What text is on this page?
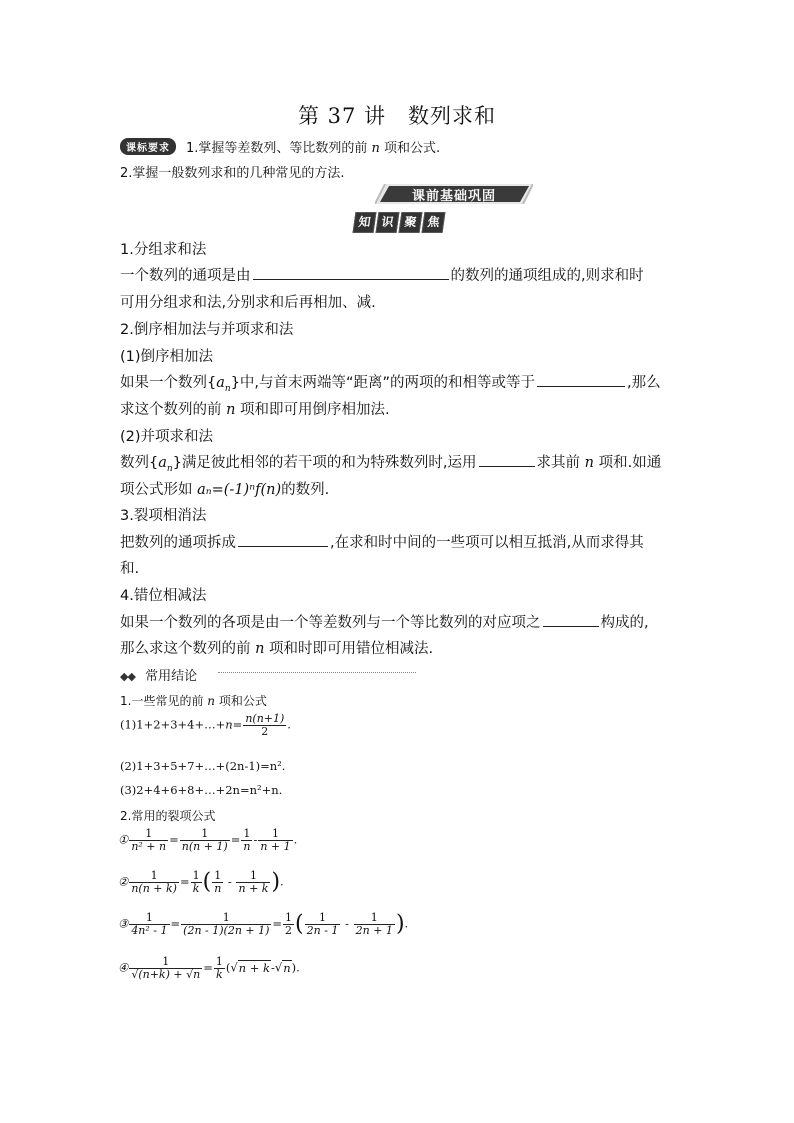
第 37 讲　数列求和
课标要求 1.掌握等差数列、等比数列的前 n 项和公式.
2.掌握一般数列求和的几种常见的方法.
课前基础巩固
知 识 聚 焦
1.分组求和法
一个数列的通项是由	的数列的通项组成的,则求和时
可用分组求和法,分别求和后再相加、减.
2.倒序相加法与并项求和法
(1)倒序相加法
如果一个数列$\{a_n\}$中,与首末两端等“距离”的两项的和相等或等于	,那么
求这个数列的前 n 项和即可用倒序相加法.
(2)并项求和法
数列$\{a_n\}$满足彼此相邻的若干项的和为特殊数列时,运用	求其前 n 项和.如通
项公式形如 aₙ=(-1)ⁿf(n)的数列.
3.裂项相消法
把数列的通项拆成	,在求和时中间的一些项可以相互抵消,从而求得其
和.
4.错位相减法
如果一个数列的各项是由一个等差数列与一个等比数列的对应项之	构成的,
那么求这个数列的前 n 项和时即可用错位相减法.
◆◆ 常用结论
1.一些常见的前 n 项和公式
(1)1+2+3+4+…+n= $\frac{n(n+1)}{2}$ .
(2)1+3+5+7+…+(2n-1)=n².
(3)2+4+6+8+…+2n=n²+n.
2.常用的裂项公式
① $\frac{1}{\text{n² + n}} = \frac{1}{n(n + 1)} = \frac{1}{n} - \frac{1}{n + 1}$ .
② $\frac{1}{n(n + k)} = \frac{1}{k}$ ( $\frac{1}{n} - \frac{1}{n + k}$ ).
③ $\frac{1}{\text{4n² - 1}} = \frac{1}{(2n - 1)(2n + 1)} = \frac{1}{2}$ ( $\frac{1}{2n - 1} - \frac{1}{2n + 1}$ ).
④ $\frac{1}{√(n+k) + √n} = \frac{1}{k} (√n + k-√n)$.
